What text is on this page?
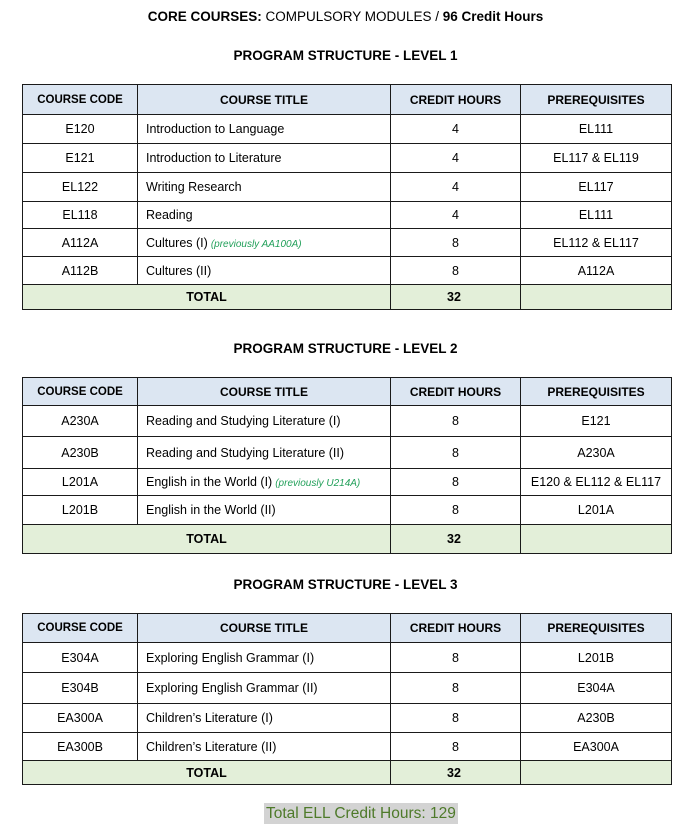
CORE COURSES: COMPULSORY MODULES / 96 Credit Hours
PROGRAM STRUCTURE - LEVEL 1
COURSE CODE	COURSE TITLE	CREDIT HOURS	PREREQUISITES
E120	Introduction to Language	4	EL111
E121	Introduction to Literature	4	EL117 & EL119
EL122	Writing Research	4	EL117
EL118	Reading	4	EL111
A112A	Cultures (I) (previously AA100A)	8	EL112 & EL117
A112B	Cultures (II)	8	A112A
TOTAL		32	
PROGRAM STRUCTURE - LEVEL 2
COURSE CODE	COURSE TITLE	CREDIT HOURS	PREREQUISITES
A230A	Reading and Studying Literature (I)	8	E121
A230B	Reading and Studying Literature (II)	8	A230A
L201A	English in the World (I) (previously U214A)	8	E120 & EL112 & EL117
L201B	English in the World (II)	8	L201A
TOTAL		32	
PROGRAM STRUCTURE - LEVEL 3
COURSE CODE	COURSE TITLE	CREDIT HOURS	PREREQUISITES
E304A	Exploring English Grammar (I)	8	L201B
E304B	Exploring English Grammar (II)	8	E304A
EA300A	Children’s Literature (I)	8	A230B
EA300B	Children’s Literature (II)	8	EA300A
TOTAL		32	
Total ELL Credit Hours: 129
